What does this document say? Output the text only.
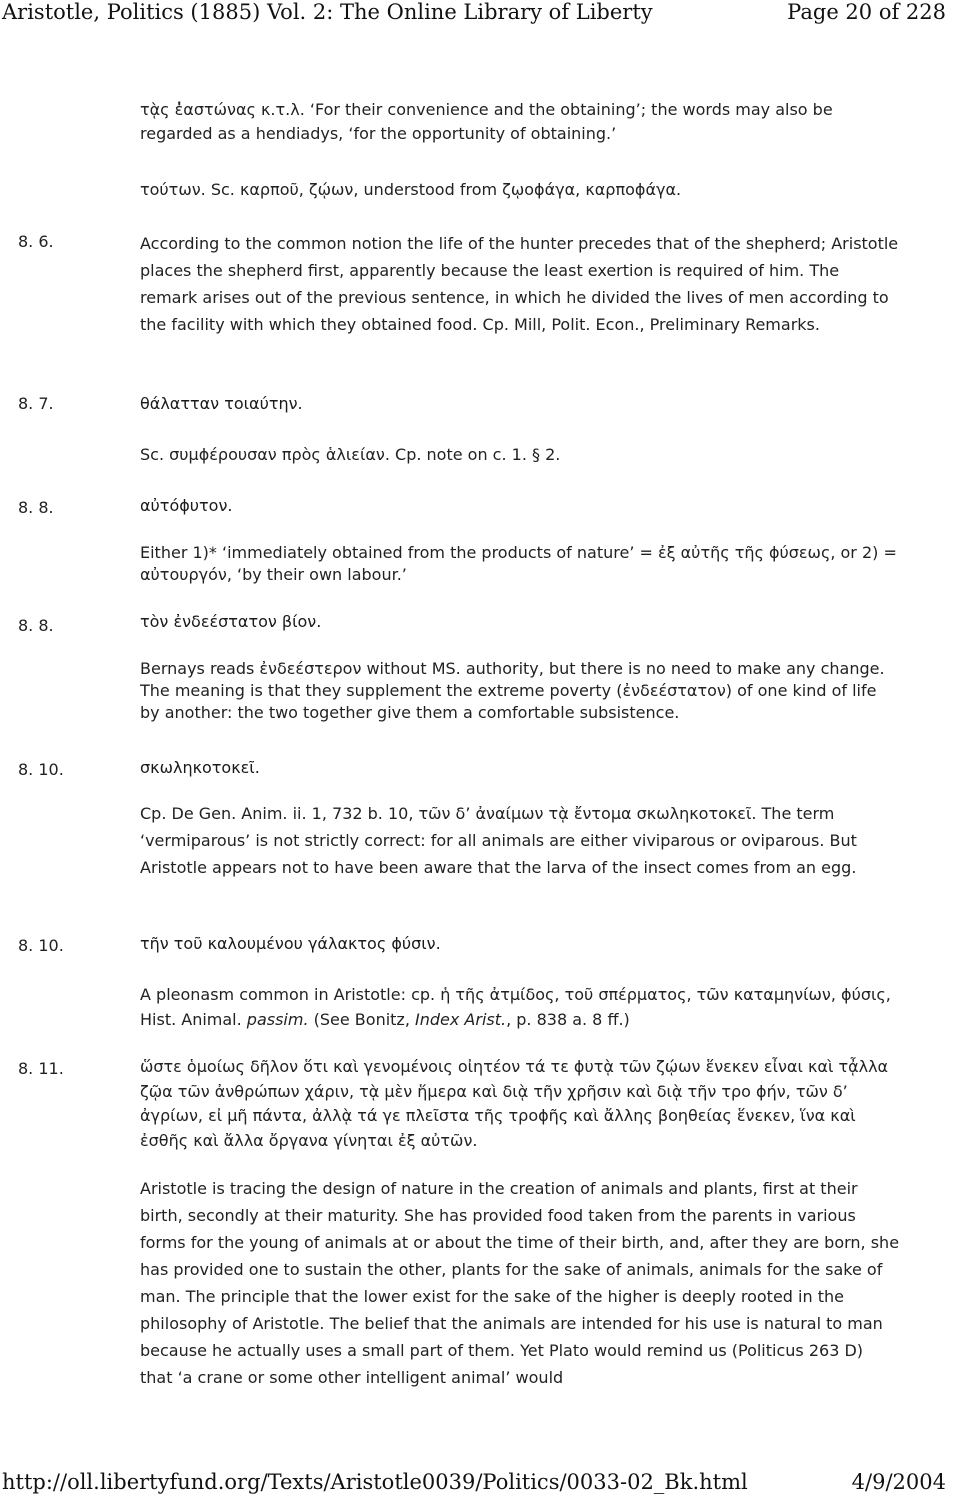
Aristotle, Politics (1885) Vol. 2: The Online Library of Liberty	Page 20 of 228

τᾲς ἐ̔αστώνας κ.τ.λ. ‘For their convenience and the obtaining’; the words may also be regarded as a hendiadys, ‘for the opportunity of obtaining.’

τούτων. Sc. καρποῦ, ζῴων, understood from ζῳοϕάγα, καρποϕάγα.

8. 6.	According to the common notion the life of the hunter precedes that of the shepherd; Aristotle places the shepherd first, apparently because the least exertion is required of him. The remark arises out of the previous sentence, in which he divided the lives of men according to the facility with which they obtained food. Cp. Mill, Polit. Econ., Preliminary Remarks.

8. 7.	θάλατταν τοιαύτην.

Sc. συμϕέρουσαν πρὸς ἁλιείαν. Cp. note on c. 1. § 2.

8. 8.	αὐτόϕυτον.

Either 1)* ‘immediately obtained from the products of nature’ = ἐξ αὐτῆς τῆς ϕύσεως, or 2) = αὐτουργόν, ‘by their own labour.’

8. 8.	τὸν ἐνδεέστατον βίον.

Bernays reads ἐνδεέστερον without MS. authority, but there is no need to make any change. The meaning is that they supplement the extreme poverty (ἐνδεέστατον) of one kind of life by another: the two together give them a comfortable subsistence.

8. 10.	σκωληκοτοκεῖ.

Cp. De Gen. Anim. ii. 1, 732 b. 10, τῶν δ’ ἀναίμων τᾲ ἔντομα σκωληκοτοκεῖ. The term ‘vermiparous’ is not strictly correct: for all animals are either viviparous or oviparous. But Aristotle appears not to have been aware that the larva of the insect comes from an egg.

8. 10.	τῆν τοῦ καλουμένου γάλακτος ϕύσιν.

A pleonasm common in Aristotle: cp. ἡ τῆς ἀτμίδος, τοῦ σπέρματος, τῶν καταμηνίων, ϕύσις, Hist. Animal. passim. (See Bonitz, Index Arist., p. 838 a. 8 ff.)

8. 11.	ὥστε ὁμοίως δῆλον ὅτι καὶ γενομένοις οἰητέον τά τε ϕυτᾲ τῶν ζῴων ἕνεκεν εἶναι καὶ τᾆλλα ζῷα τῶν ἀνθρώπων χάριν, τᾲ μὲν ἥμερα καὶ διᾲ τῆν χρῆσιν καὶ διᾲ τῆν τρο ϕήν, τῶν δ’ ἀγρίων, εἰ μῆ πάντα, ἀλλᾲ τά γε πλεῖστα τῆς τροϕῆς καὶ ἄλλης βοηθείας ἕνεκεν, ἵνα καὶ ἐσθῆς καὶ ἄλλα ὄργανα γίνηται ἐξ αὐτῶν.

Aristotle is tracing the design of nature in the creation of animals and plants, first at their birth, secondly at their maturity. She has provided food taken from the parents in various forms for the young of animals at or about the time of their birth, and, after they are born, she has provided one to sustain the other, plants for the sake of animals, animals for the sake of man. The principle that the lower exist for the sake of the higher is deeply rooted in the philosophy of Aristotle. The belief that the animals are intended for his use is natural to man because he actually uses a small part of them. Yet Plato would remind us (Politicus 263 D) that ‘a crane or some other intelligent animal’ would

http://oll.libertyfund.org/Texts/Aristotle0039/Politics/0033-02_Bk.html	4/9/2004
